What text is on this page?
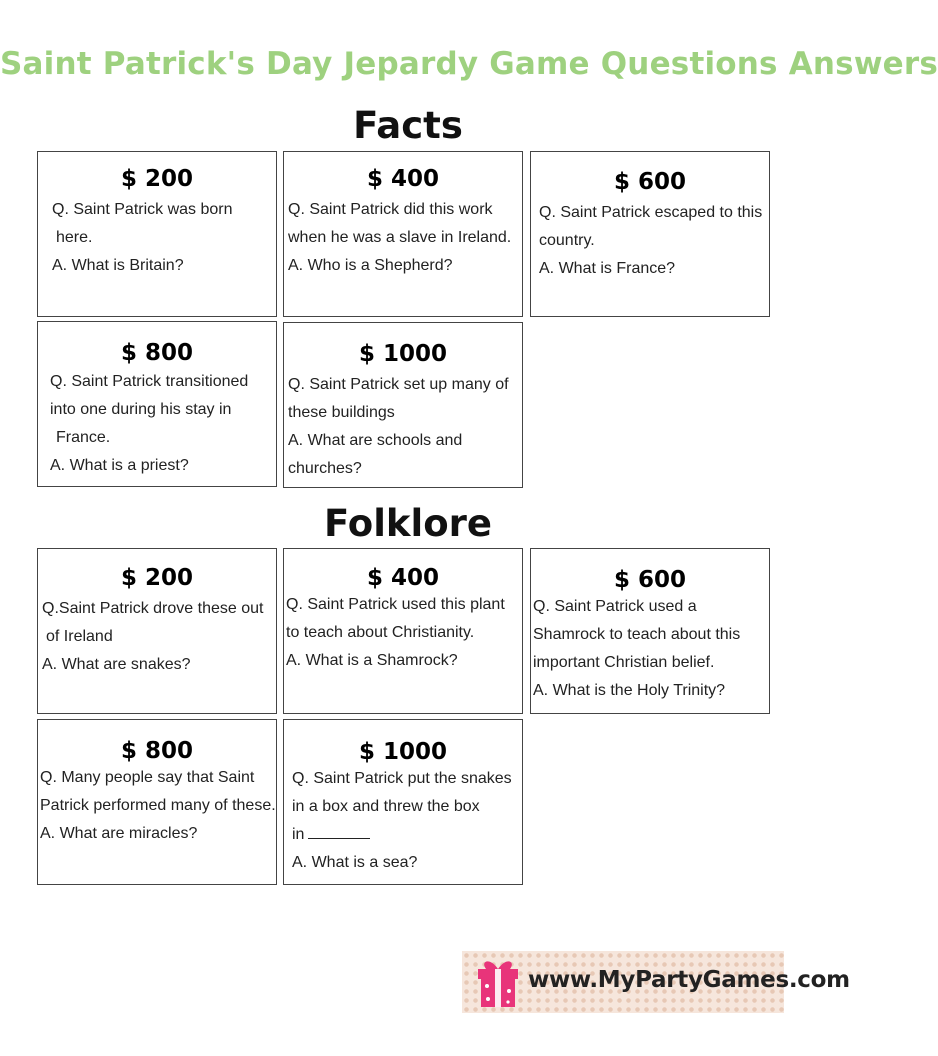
Saint Patrick's Day Jepardy Game Questions Answers
Facts
$ 200
Q. Saint Patrick was born
here.
A. What is Britain?
$ 400
Q. Saint Patrick did this work
when he was a slave in Ireland.
A. Who is a Shepherd?
$ 600
Q. Saint Patrick escaped to this
country.
A. What is France?
$ 800
Q. Saint Patrick transitioned
into one during his stay in
France.
A. What is a priest?
$ 1000
Q. Saint Patrick set up many of
these buildings
A. What are schools and
churches?
Folklore
$ 200
Q.Saint Patrick drove these out
of Ireland
A. What are snakes?
$ 400
Q. Saint Patrick used this plant
to teach about Christianity.
A. What is a Shamrock?
$ 600
Q. Saint Patrick used a
Shamrock to teach about this
important Christian belief.
A. What is the Holy Trinity?
$ 800
Q. Many people say that Saint
Patrick performed many of these.
A. What are miracles?
$ 1000
Q. Saint Patrick put the snakes
in a box and threw the box
in
A. What is a sea?
www.MyPartyGames.com
